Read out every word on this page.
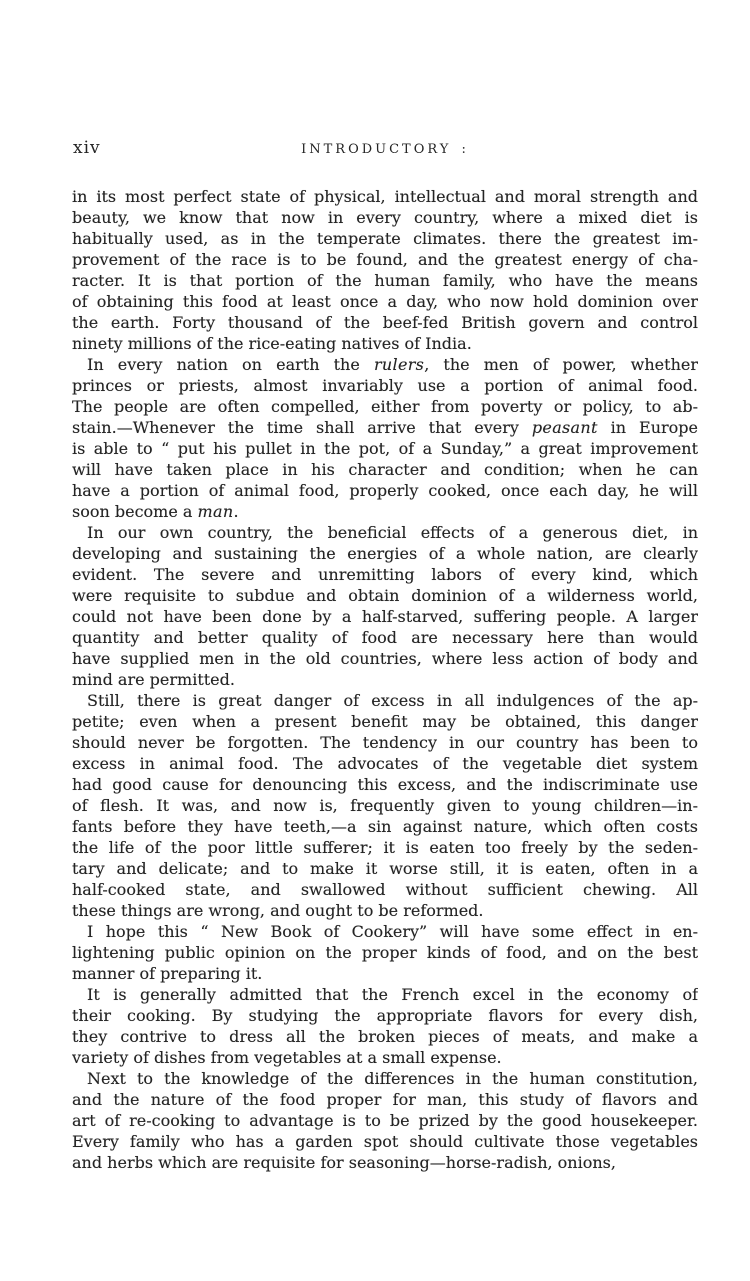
xiv	INTRODUCTORY :
in its most perfect state of physical, intellectual and moral strength and
beauty, we know that now in every country, where a mixed diet is
habitually used, as in the temperate climates. there the greatest im-
provement of the race is to be found, and the greatest energy of cha-
racter. It is that portion of the human family, who have the means
of obtaining this food at least once a day, who now hold dominion over
the earth. Forty thousand of the beef-fed British govern and control
ninety millions of the rice-eating natives of India.
In every nation on earth the rulers, the men of power, whether
princes or priests, almost invariably use a portion of animal food.
The people are often compelled, either from poverty or policy, to ab-
stain.—Whenever the time shall arrive that every peasant in Europe
is able to “ put his pullet in the pot, of a Sunday,” a great improvement
will have taken place in his character and condition; when he can
have a portion of animal food, properly cooked, once each day, he will
soon become a man.
In our own country, the beneficial effects of a generous diet, in
developing and sustaining the energies of a whole nation, are clearly
evident. The severe and unremitting labors of every kind, which
were requisite to subdue and obtain dominion of a wilderness world,
could not have been done by a half-starved, suffering people. A larger
quantity and better quality of food are necessary here than would
have supplied men in the old countries, where less action of body and
mind are permitted.
Still, there is great danger of excess in all indulgences of the ap-
petite; even when a present benefit may be obtained, this danger
should never be forgotten. The tendency in our country has been to
excess in animal food. The advocates of the vegetable diet system
had good cause for denouncing this excess, and the indiscriminate use
of flesh. It was, and now is, frequently given to young children—in-
fants before they have teeth,—a sin against nature, which often costs
the life of the poor little sufferer; it is eaten too freely by the seden-
tary and delicate; and to make it worse still, it is eaten, often in a
half-cooked state, and swallowed without sufficient chewing. All
these things are wrong, and ought to be reformed.
I hope this “ New Book of Cookery” will have some effect in en-
lightening public opinion on the proper kinds of food, and on the best
manner of preparing it.
It is generally admitted that the French excel in the economy of
their cooking. By studying the appropriate flavors for every dish,
they contrive to dress all the broken pieces of meats, and make a
variety of dishes from vegetables at a small expense.
Next to the knowledge of the differences in the human constitution,
and the nature of the food proper for man, this study of flavors and
art of re-cooking to advantage is to be prized by the good housekeeper.
Every family who has a garden spot should cultivate those vegetables
and herbs which are requisite for seasoning—horse-radish, onions,
